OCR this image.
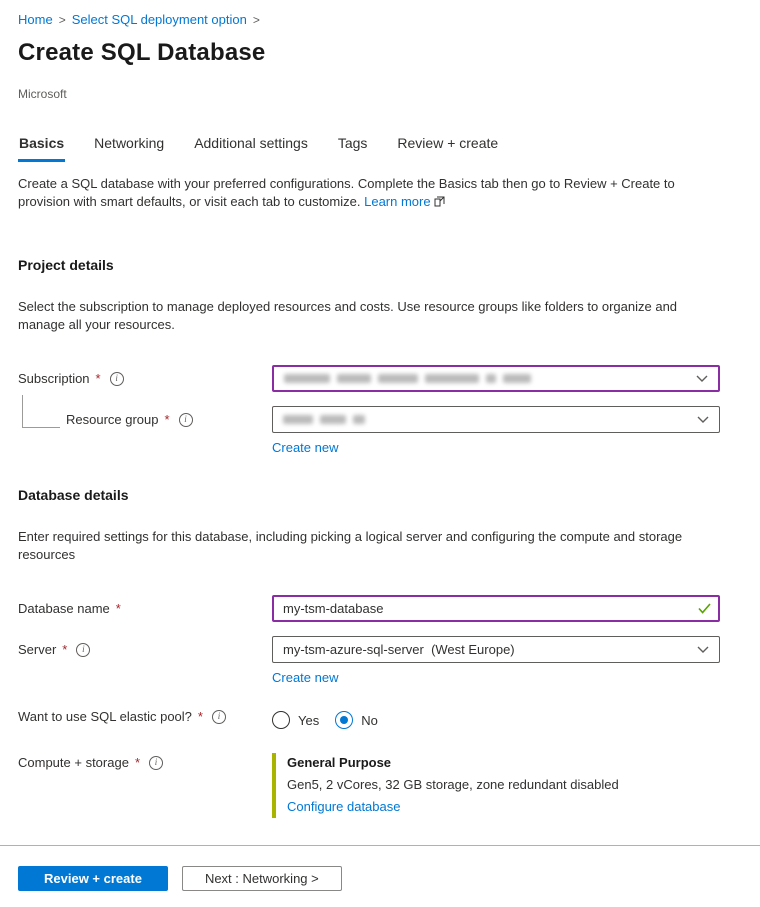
Home > Select SQL deployment option >
Create SQL Database
Microsoft
Basics Networking Additional settings Tags Review + create

Create a SQL database with your preferred configurations. Complete the Basics tab then go to Review + Create to provision with smart defaults, or visit each tab to customize. Learn more

Project details

Select the subscription to manage deployed resources and costs. Use resource groups like folders to organize and manage all your resources.

Subscription *	i
Resource group *	i
Create new
Database details

Enter required settings for this database, including picking a logical server and configuring the compute and storage resources

Database name *
my-tsm-database
Server *	i	my-tsm-azure-sql-server  (West Europe)
Create new
Want to use SQL elastic pool? *	i	Yes	No
Compute + storage *	i	General Purpose
Gen5, 2 vCores, 32 GB storage, zone redundant disabled
Configure database
Review + create	Next : Networking >
